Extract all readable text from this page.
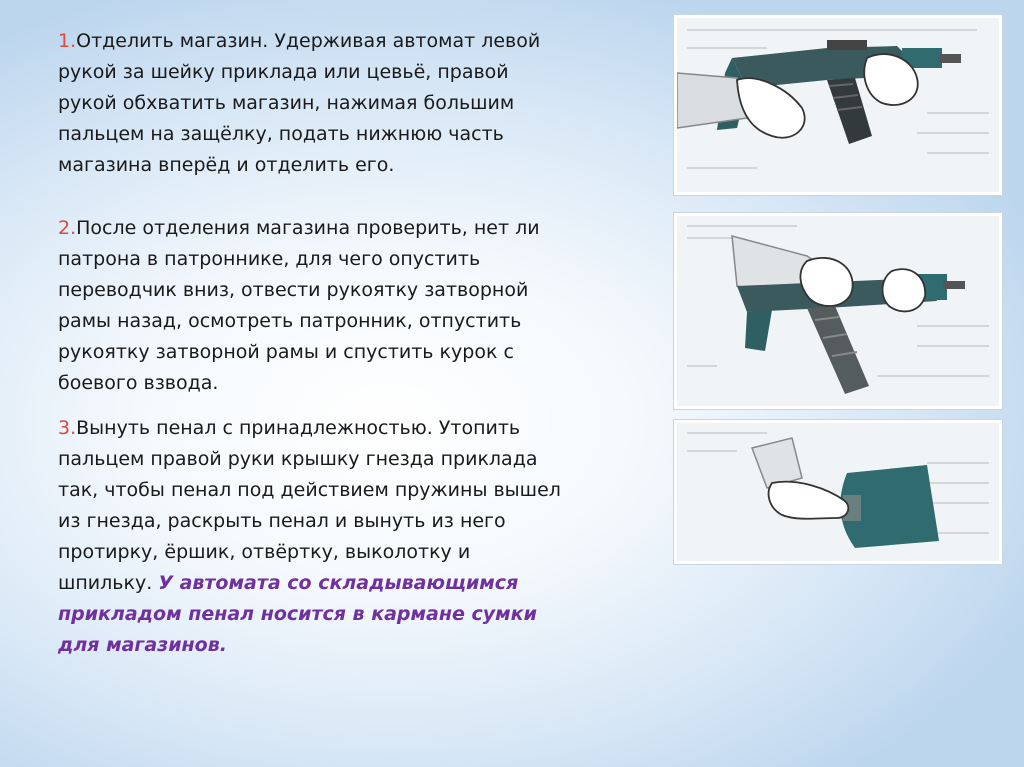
1.Отделить магазин. Удерживая автомат левой
рукой за шейку приклада или цевьё, правой
рукой обхватить магазин, нажимая большим
пальцем на защёлку, подать нижнюю часть
магазина вперёд и отделить его.
2.После отделения магазина проверить, нет ли
патрона в патроннике, для чего опустить
переводчик вниз, отвести рукоятку затворной
рамы назад, осмотреть патронник, отпустить
рукоятку затворной рамы и спустить курок с
боевого взвода.
3.Вынуть пенал с принадлежностью. Утопить
пальцем правой руки крышку гнезда приклада
так, чтобы пенал под действием пружины вышел
из гнезда, раскрыть пенал и вынуть из него
протирку, ёршик, отвёртку, выколотку и
шпильку. У автомата со складывающимся
прикладом пенал носится в кармане сумки
для магазинов.
